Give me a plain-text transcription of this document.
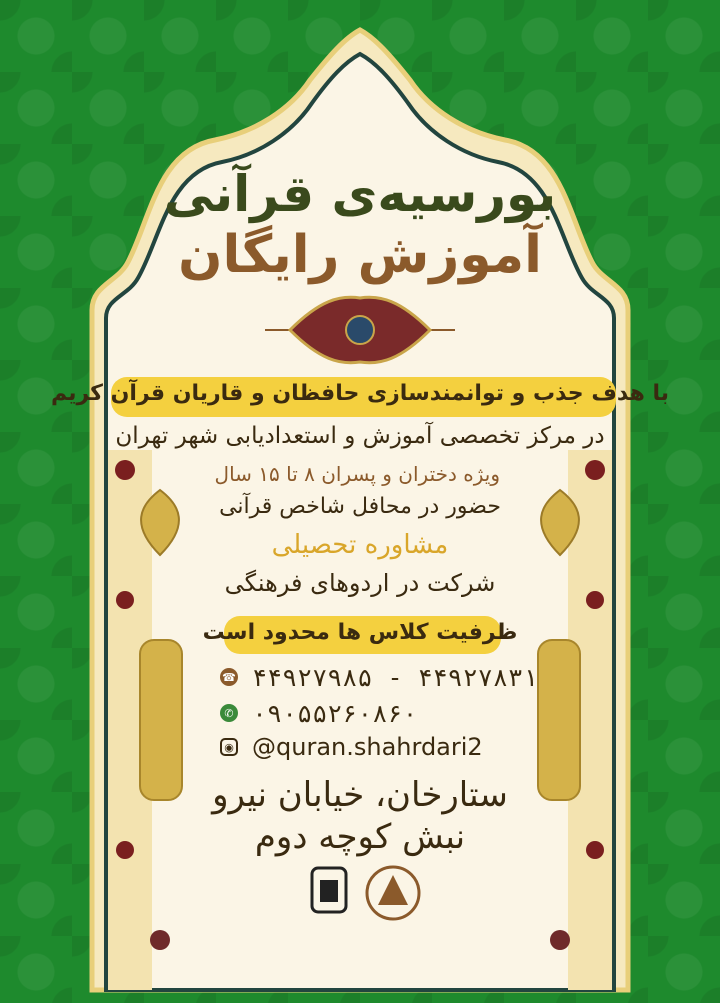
بورسیه‌ی قرآنی
آموزش رایگان
با هدف جذب و توانمندسازی حافظان و قاریان قرآن کریم
در مرکز تخصصی آموزش و استعدادیابی شهر تهران
ویژه دختران و پسران ۸ تا ۱۵ سال
حضور در محافل شاخص قرآنی
مشاوره تحصیلی
شرکت در اردوهای فرهنگی
ظرفیت کلاس ها محدود است
☎ ۴۴۹۲۷۹۸۵ - ۴۴۹۲۷۸۳۱
✆ ۰۹۰۵۵۲۶۰۸۶۰
◉ @quran.shahrdari2
ستارخان، خیابان نیرو
نبش کوچه دوم
